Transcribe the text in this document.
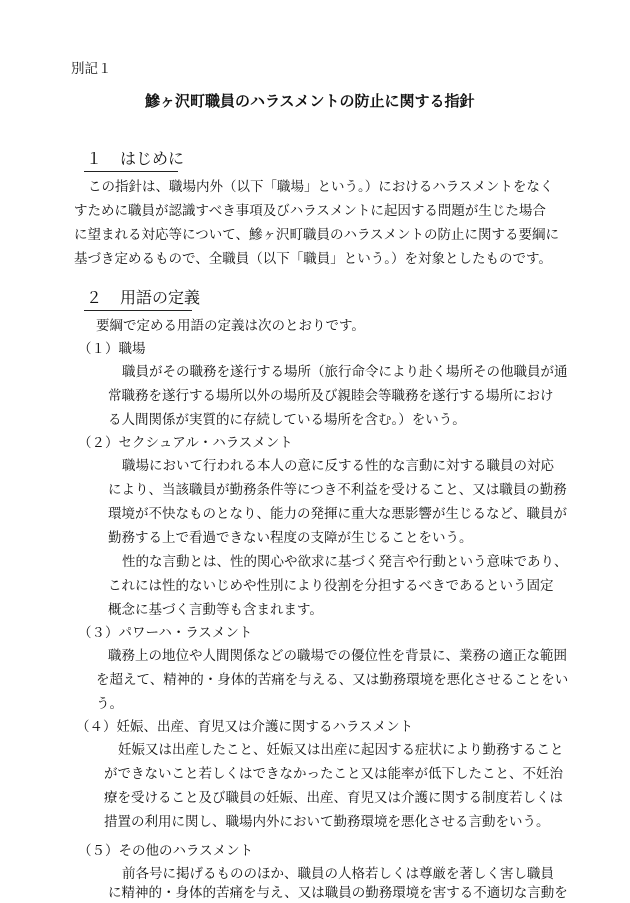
別記１
鰺ヶ沢町職員のハラスメントの防止に関する指針
１ はじめに
この指針は、職場内外（以下「職場」という。）におけるハラスメントをなく
すために職員が認識すべき事項及びハラスメントに起因する問題が生じた場合
に望まれる対応等について、鰺ヶ沢町職員のハラスメントの防止に関する要綱に
基づき定めるもので、全職員（以下「職員」という。）を対象としたものです。
２ 用語の定義
要綱で定める用語の定義は次のとおりです。
（１）職場
職員がその職務を遂行する場所（旅行命令により赴く場所その他職員が通
常職務を遂行する場所以外の場所及び親睦会等職務を遂行する場所におけ
る人間関係が実質的に存続している場所を含む。）をいう。
（２）セクシュアル・ハラスメント
職場において行われる本人の意に反する性的な言動に対する職員の対応
により、当該職員が勤務条件等につき不利益を受けること、又は職員の勤務
環境が不快なものとなり、能力の発揮に重大な悪影響が生じるなど、職員が
勤務する上で看過できない程度の支障が生じることをいう。
性的な言動とは、性的関心や欲求に基づく発言や行動という意味であり、
これには性的ないじめや性別により役割を分担するべきであるという固定
概念に基づく言動等も含まれます。
（３）パワーハ・ラスメント
職務上の地位や人間関係などの職場での優位性を背景に、業務の適正な範囲
を超えて、精神的・身体的苦痛を与える、又は勤務環境を悪化させることをい
う。
（４）妊娠、出産、育児又は介護に関するハラスメント
妊娠又は出産したこと、妊娠又は出産に起因する症状により勤務すること
ができないこと若しくはできなかったこと又は能率が低下したこと、不妊治
療を受けること及び職員の妊娠、出産、育児又は介護に関する制度若しくは
措置の利用に関し、職場内外において勤務環境を悪化させる言動をいう。
（５）その他のハラスメント
前各号に掲げるもののほか、職員の人格若しくは尊厳を著しく害し職員
に精神的・身体的苦痛を与え、又は職員の勤務環境を害する不適切な言動を
